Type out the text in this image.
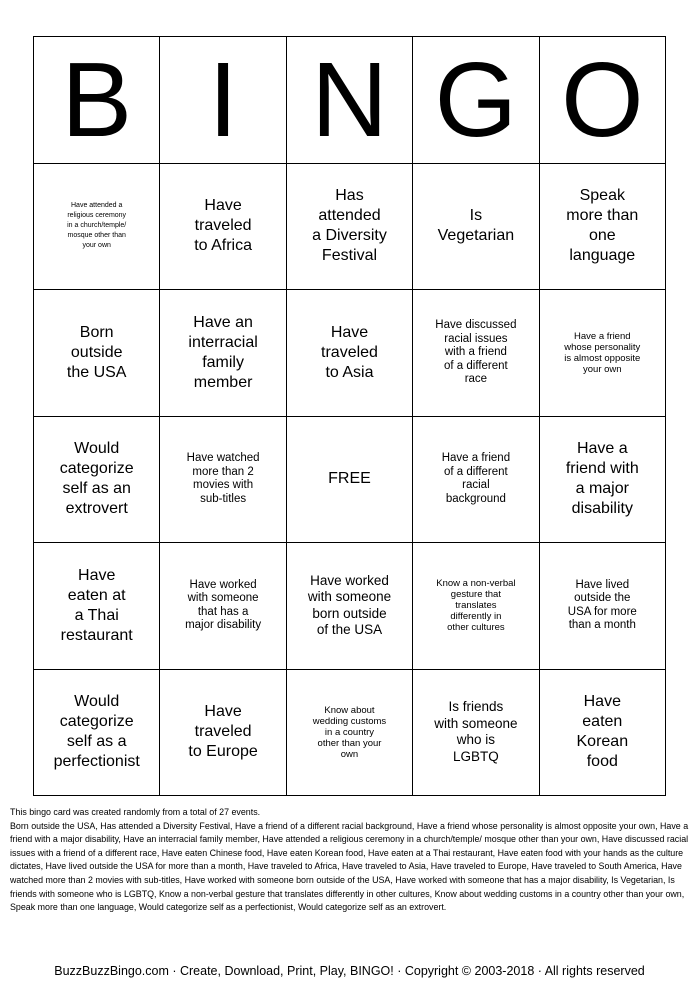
B I N G O
Have attended a
religious ceremony
in a church/temple/
mosque other than
your own
Have
traveled
to Africa
Has
attended
a Diversity
Festival
Is
Vegetarian
Speak
more than
one
language
Born
outside
the USA
Have an
interracial
family
member
Have
traveled
to Asia
Have discussed
racial issues
with a friend
of a different
race
Have a friend
whose personality
is almost opposite
your own
Would
categorize
self as an
extrovert
Have watched
more than 2
movies with
sub-titles
FREE
Have a friend
of a different
racial
background
Have a
friend with
a major
disability
Have
eaten at
a Thai
restaurant
Have worked
with someone
that has a
major disability
Have worked
with someone
born outside
of the USA
Know a non-verbal
gesture that
translates
differently in
other cultures
Have lived
outside the
USA for more
than a month
Would
categorize
self as a
perfectionist
Have
traveled
to Europe
Know about
wedding customs
in a country
other than your
own
Is friends
with someone
who is
LGBTQ
Have
eaten
Korean
food

This bingo card was created randomly from a total of 27 events.

Born outside the USA, Has attended a Diversity Festival, Have a friend of a different racial background, Have a friend whose personality is almost opposite your own, Have a friend with a major disability, Have an interracial family member, Have attended a religious ceremony in a church/temple/ mosque other than your own, Have discussed racial issues with a friend of a different race, Have eaten Chinese food, Have eaten Korean food, Have eaten at a Thai restaurant, Have eaten food with your hands as the culture dictates, Have lived outside the USA for more than a month, Have traveled to Africa, Have traveled to Asia, Have traveled to Europe, Have traveled to South America, Have watched more than 2 movies with sub-titles, Have worked with someone born outside of the USA, Have worked with someone that has a major disability, Is Vegetarian, Is friends with someone who is LGBTQ, Know a non-verbal gesture that translates differently in other cultures, Know about wedding customs in a country other than your own, Speak more than one language, Would categorize self as a perfectionist, Would categorize self as an extrovert.

BuzzBuzzBingo.com · Create, Download, Print, Play, BINGO! · Copyright © 2003-2018 · All rights reserved
